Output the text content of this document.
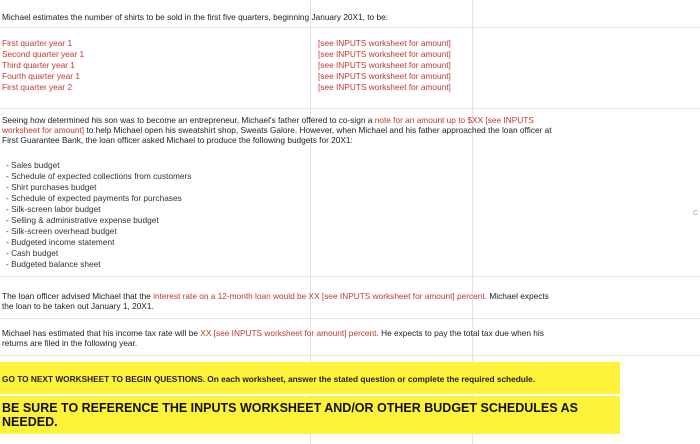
Michael estimates the number of shirts to be sold in the first five quarters, beginning January 20X1, to be:
First quarter year 1	[see INPUTS worksheet for amount]
Second quarter year 1	[see INPUTS worksheet for amount]
Third quarter year 1	[see INPUTS worksheet for amount]
Fourth quarter year 1	[see INPUTS worksheet for amount]
First quarter year 2	[see INPUTS worksheet for amount]
Seeing how determined his son was to become an entrepreneur, Michael's father offered to co-sign a note for an amount up to $XX [see INPUTS
worksheet for amount] to help Michael open his sweatshirt shop, Sweats Galore. However, when Michael and his father approached the loan officer at
First Guarantee Bank, the loan officer asked Michael to produce the following budgets for 20X1:
- Sales budget
- Schedule of expected collections from customers
- Shirt purchases budget
- Schedule of expected payments for purchases
- Silk-screen labor budget
- Selling & administrative expense budget
- Silk-screen overhead budget
- Budgeted income statement
- Cash budget
- Budgeted balance sheet
The loan officer advised Michael that the interest rate on a 12-month loan would be XX [see INPUTS worksheet for amount] percent. Michael expects
the loan to be taken out January 1, 20X1.
Michael has estimated that his income tax rate will be XX [see INPUTS worksheet for amount] percent. He expects to pay the total tax due when his
returns are filed in the following year.
GO TO NEXT WORKSHEET TO BEGIN QUESTIONS. On each worksheet, answer the stated question or complete the required schedule.
BE SURE TO REFERENCE THE INPUTS WORKSHEET AND/OR OTHER BUDGET SCHEDULES AS NEEDED.
C
